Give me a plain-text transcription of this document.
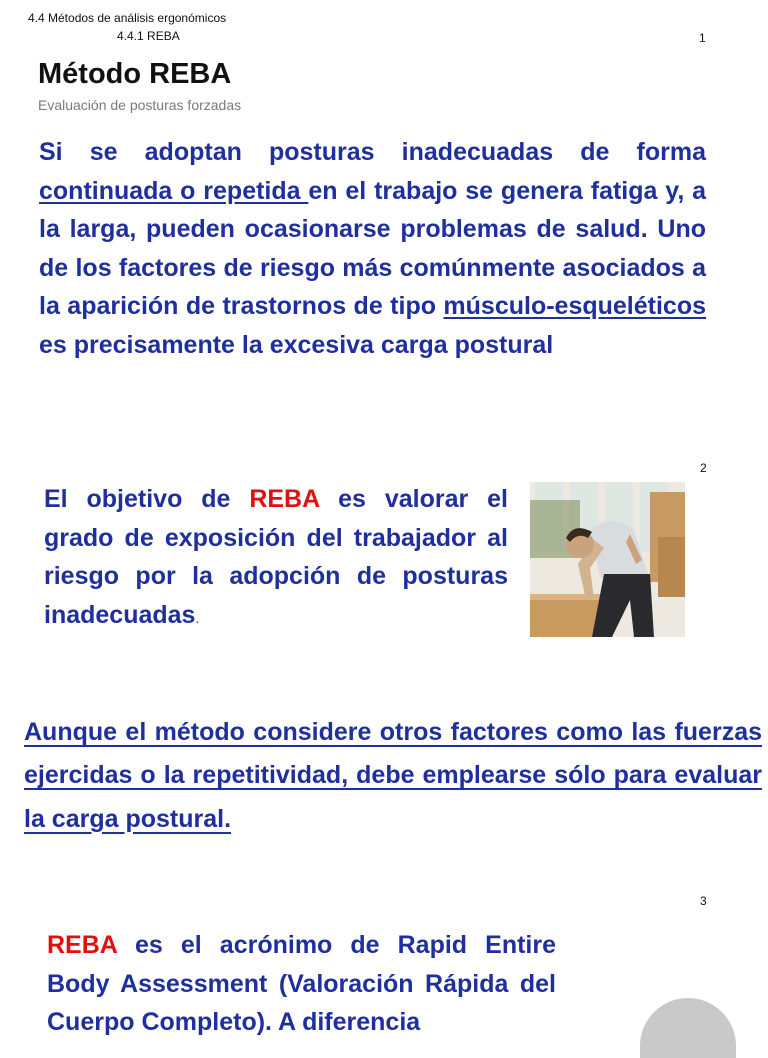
4.4 Métodos de análisis ergonómicos
4.4.1 REBA	1
Método REBA
Evaluación de posturas forzadas
Si se adoptan posturas inadecuadas de forma continuada o repetida en el trabajo se genera fatiga y, a la larga, pueden ocasionarse problemas de salud. Uno de los factores de riesgo más comúnmente asociados a la aparición de trastornos de tipo músculo-esqueléticos es precisamente la excesiva carga postural
2
El objetivo de REBA es valorar el grado de exposición del trabajador al riesgo por la adopción de posturas inadecuadas.
Aunque el método considere otros factores como las fuerzas ejercidas o la repetitividad, debe emplearse sólo para evaluar la carga postural.
3
REBA es el acrónimo de Rapid Entire Body Assessment (Valoración Rápida del Cuerpo Completo). A diferencia
